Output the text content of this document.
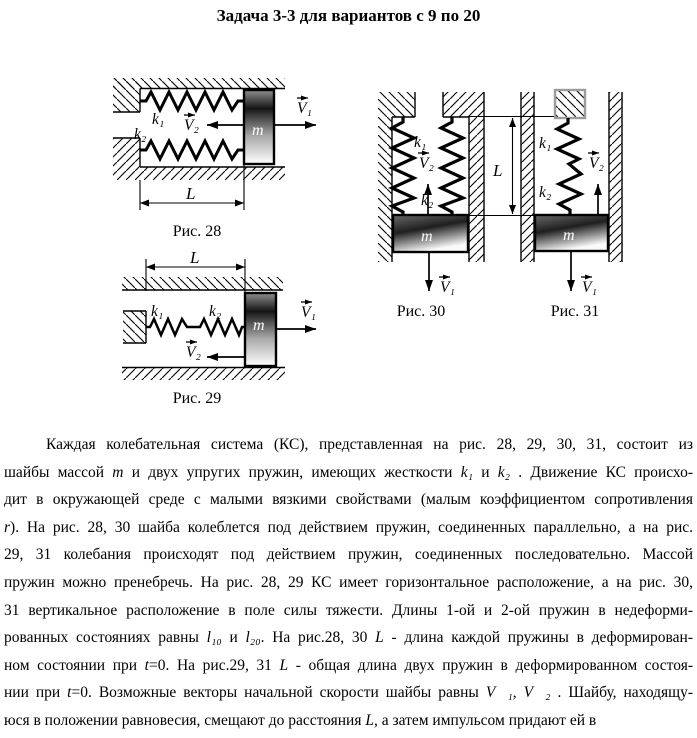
Задача 3-3 для вариантов с 9 по 20
m
k₁
k₂
V₁
V₂
L
Рис. 28
L
m
k₁	k₂	V₁
V₂
Рис. 29
k₁
k₂
V₂
m
V₁
Рис. 30
L
k₁
k₂
V₂
m
V₁
Рис. 31
Каждая колебательная система (КС), представленная на рис. 28, 29, 30, 31, состоит из
шайбы массой m и двух упругих пружин, имеющих жесткости k₁ и k₂ . Движение КС происхо-
дит в окружающей среде с малыми вязкими свойствами (малым коэффициентом сопротивления
r). На рис. 28, 30 шайба колеблется под действием пружин, соединенных параллельно, а на рис.
29, 31 колебания происходят под действием пружин, соединенных последовательно. Массой
пружин можно пренебречь. На рис. 28, 29 КС имеет горизонтальное расположение, а на рис. 30,
31 вертикальное расположение в поле силы тяжести. Длины 1-ой и 2-ой пружин в недеформи-
рованных состояниях равны l₁₀ и l₂₀. На рис.28, 30 L - длина каждой пружины в деформирован-
ном состоянии при t=0. На рис.29, 31 L - общая длина двух пружин в деформированном состоя-
нии при t=0. Возможные векторы начальной скорости шайбы равны V⃗₁, V⃗₂ . Шайбу, находящу-
юся в положении равновесия, смещают до расстояния L, а затем импульсом придают ей в
